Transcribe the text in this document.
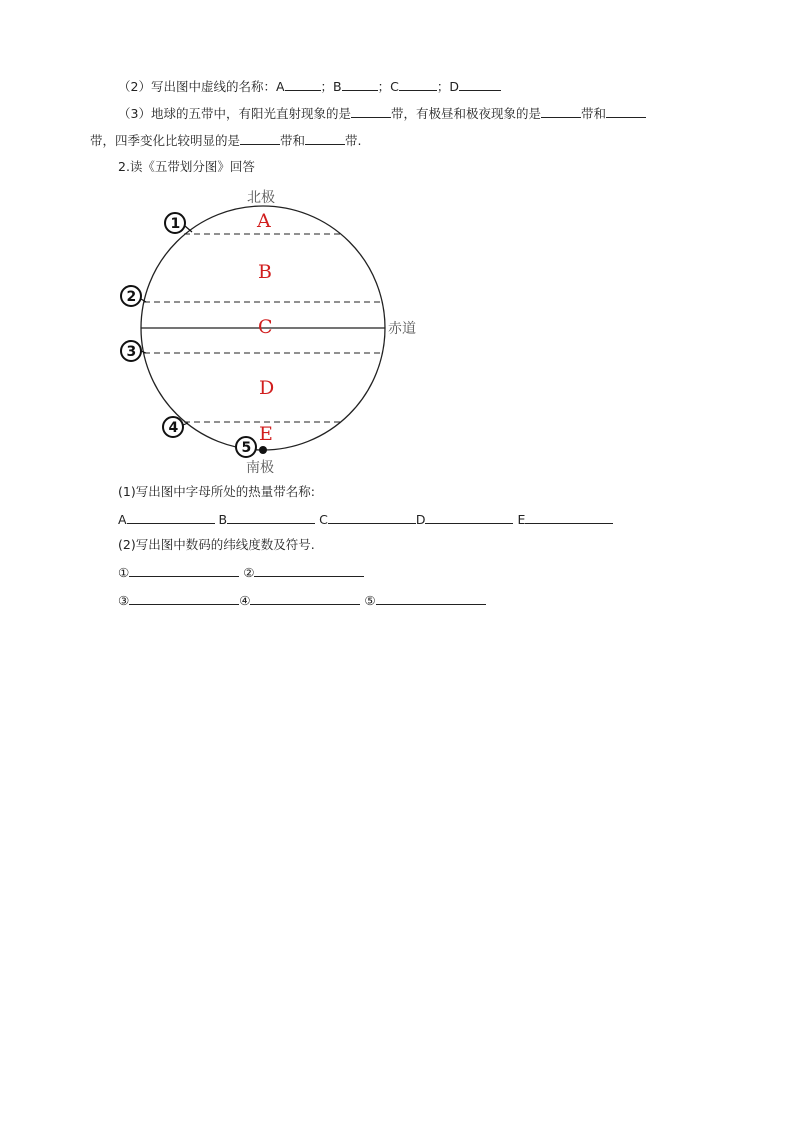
（2）写出图中虚线的名称：A	；B	；C	；D
（3）地球的五带中，有阳光直射现象的是	带，有极昼和极夜现象的是	带和
带，四季变化比较明显的是	带和	带.
2.读《五带划分图》回答
北极
南极
赤道
A
B
C
D
E
1
2
3
4
5
(1)写出图中字母所处的热量带名称:
A	B	C	D	E
(2)写出图中数码的纬线度数及符号.
①	②
③	④	⑤
